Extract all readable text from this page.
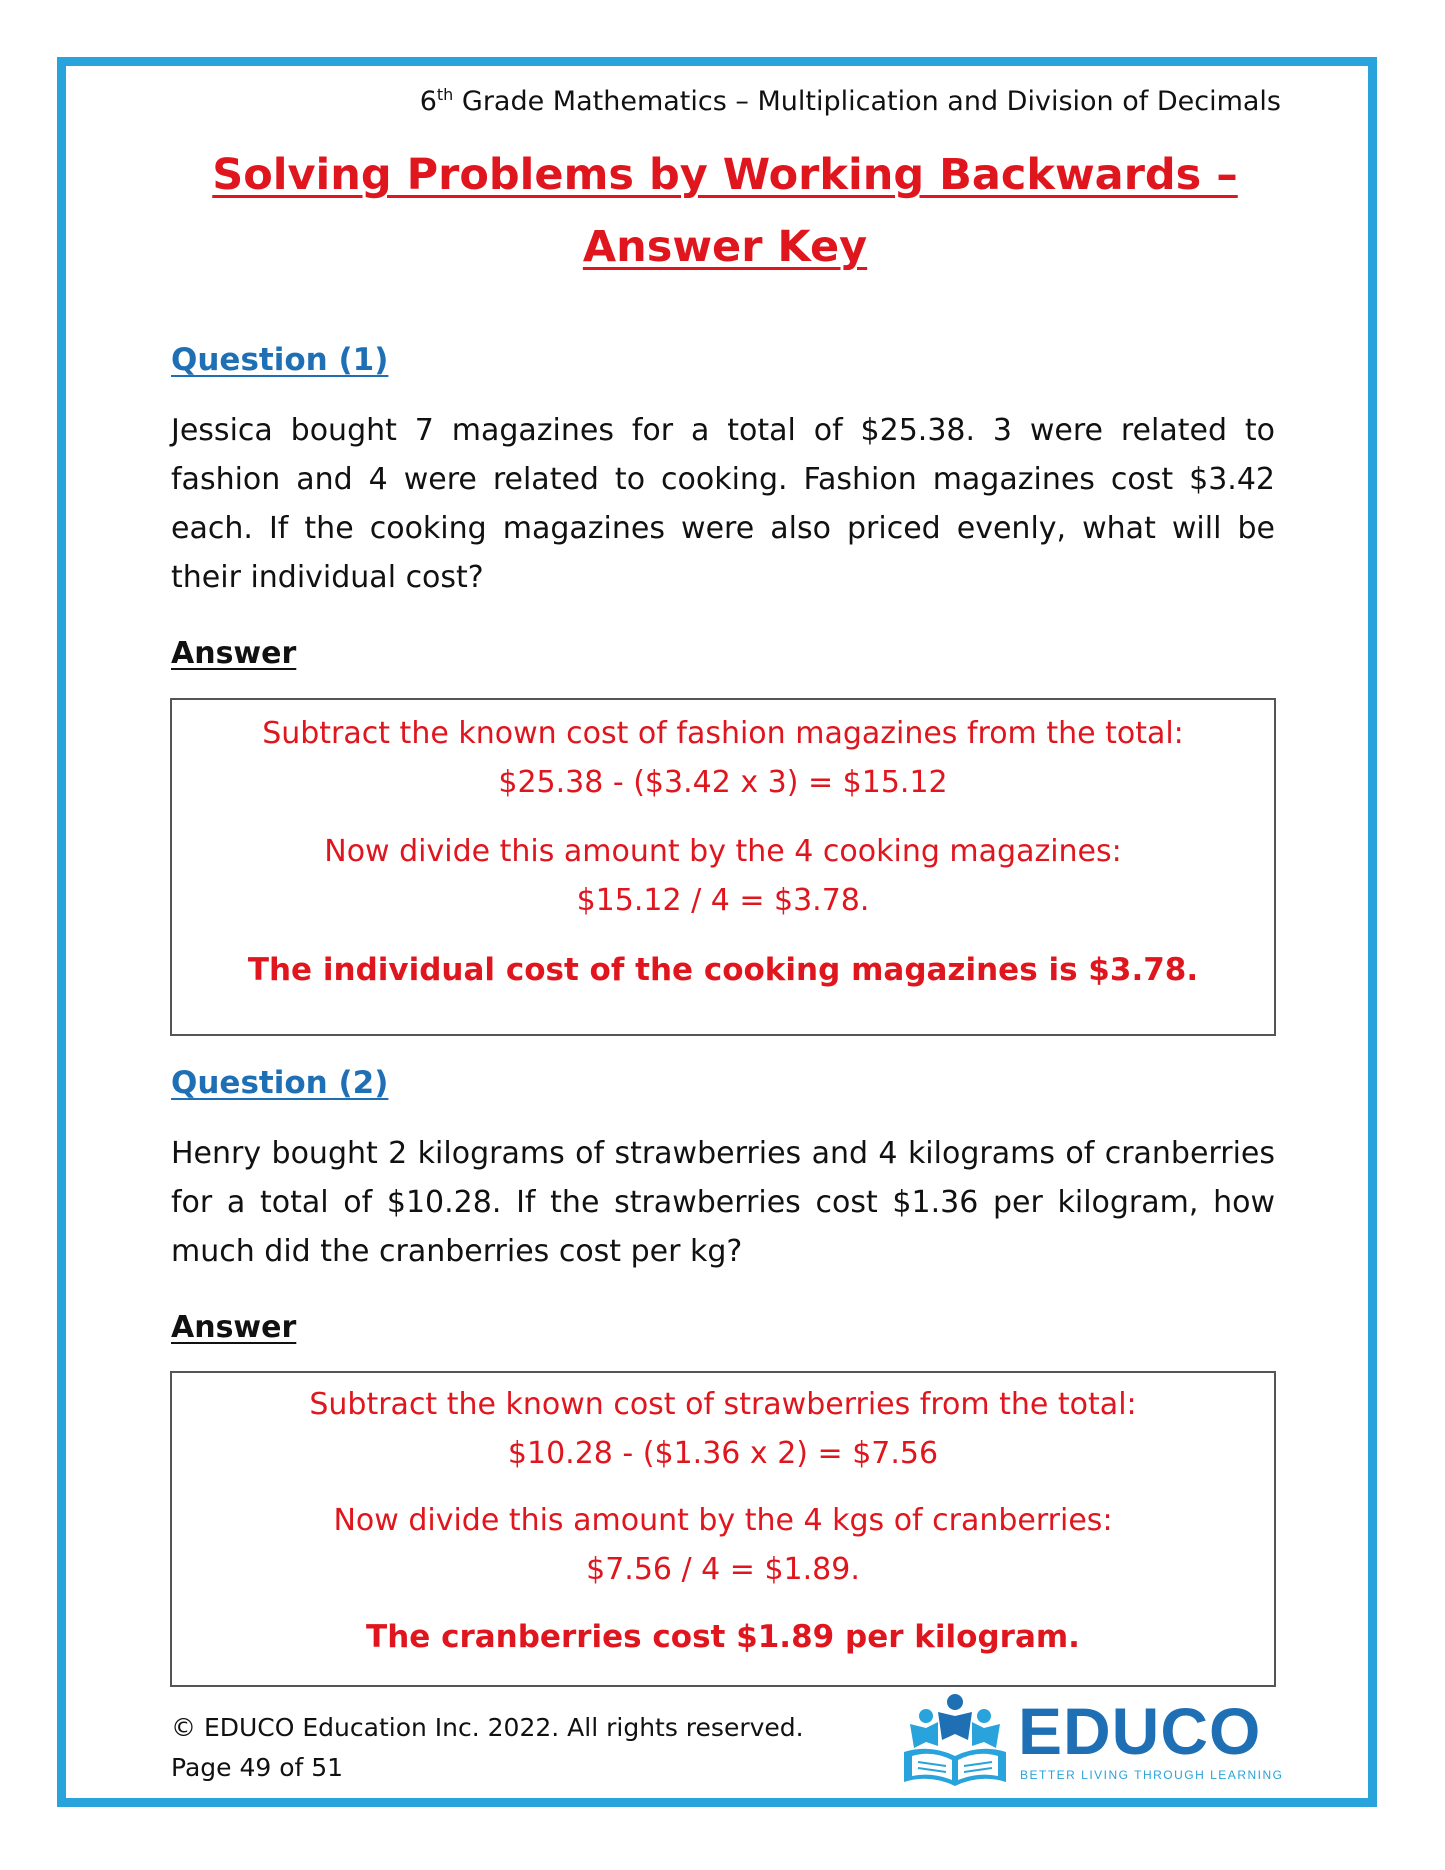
6th Grade Mathematics – Multiplication and Division of Decimals
Solving Problems by Working Backwards –
Answer Key
Question (1)
Jessica bought 7 magazines for a total of $25.38. 3 were related to fashion and 4 were related to cooking. Fashion magazines cost $3.42 each. If the cooking magazines were also priced evenly, what will be their individual cost?
Answer
Subtract the known cost of fashion magazines from the total:
$25.38 - ($3.42 x 3) = $15.12
Now divide this amount by the 4 cooking magazines:
$15.12 / 4 = $3.78.
The individual cost of the cooking magazines is $3.78.
Question (2)
Henry bought 2 kilograms of strawberries and 4 kilograms of cranberries for a total of $10.28. If the strawberries cost $1.36 per kilogram, how much did the cranberries cost per kg?
Answer
Subtract the known cost of strawberries from the total:
$10.28 - ($1.36 x 2) = $7.56
Now divide this amount by the 4 kgs of cranberries:
$7.56 / 4 = $1.89.
The cranberries cost $1.89 per kilogram.
© EDUCO Education Inc. 2022. All rights reserved.
Page 49 of 51	EDUCO
BETTER LIVING THROUGH LEARNING
